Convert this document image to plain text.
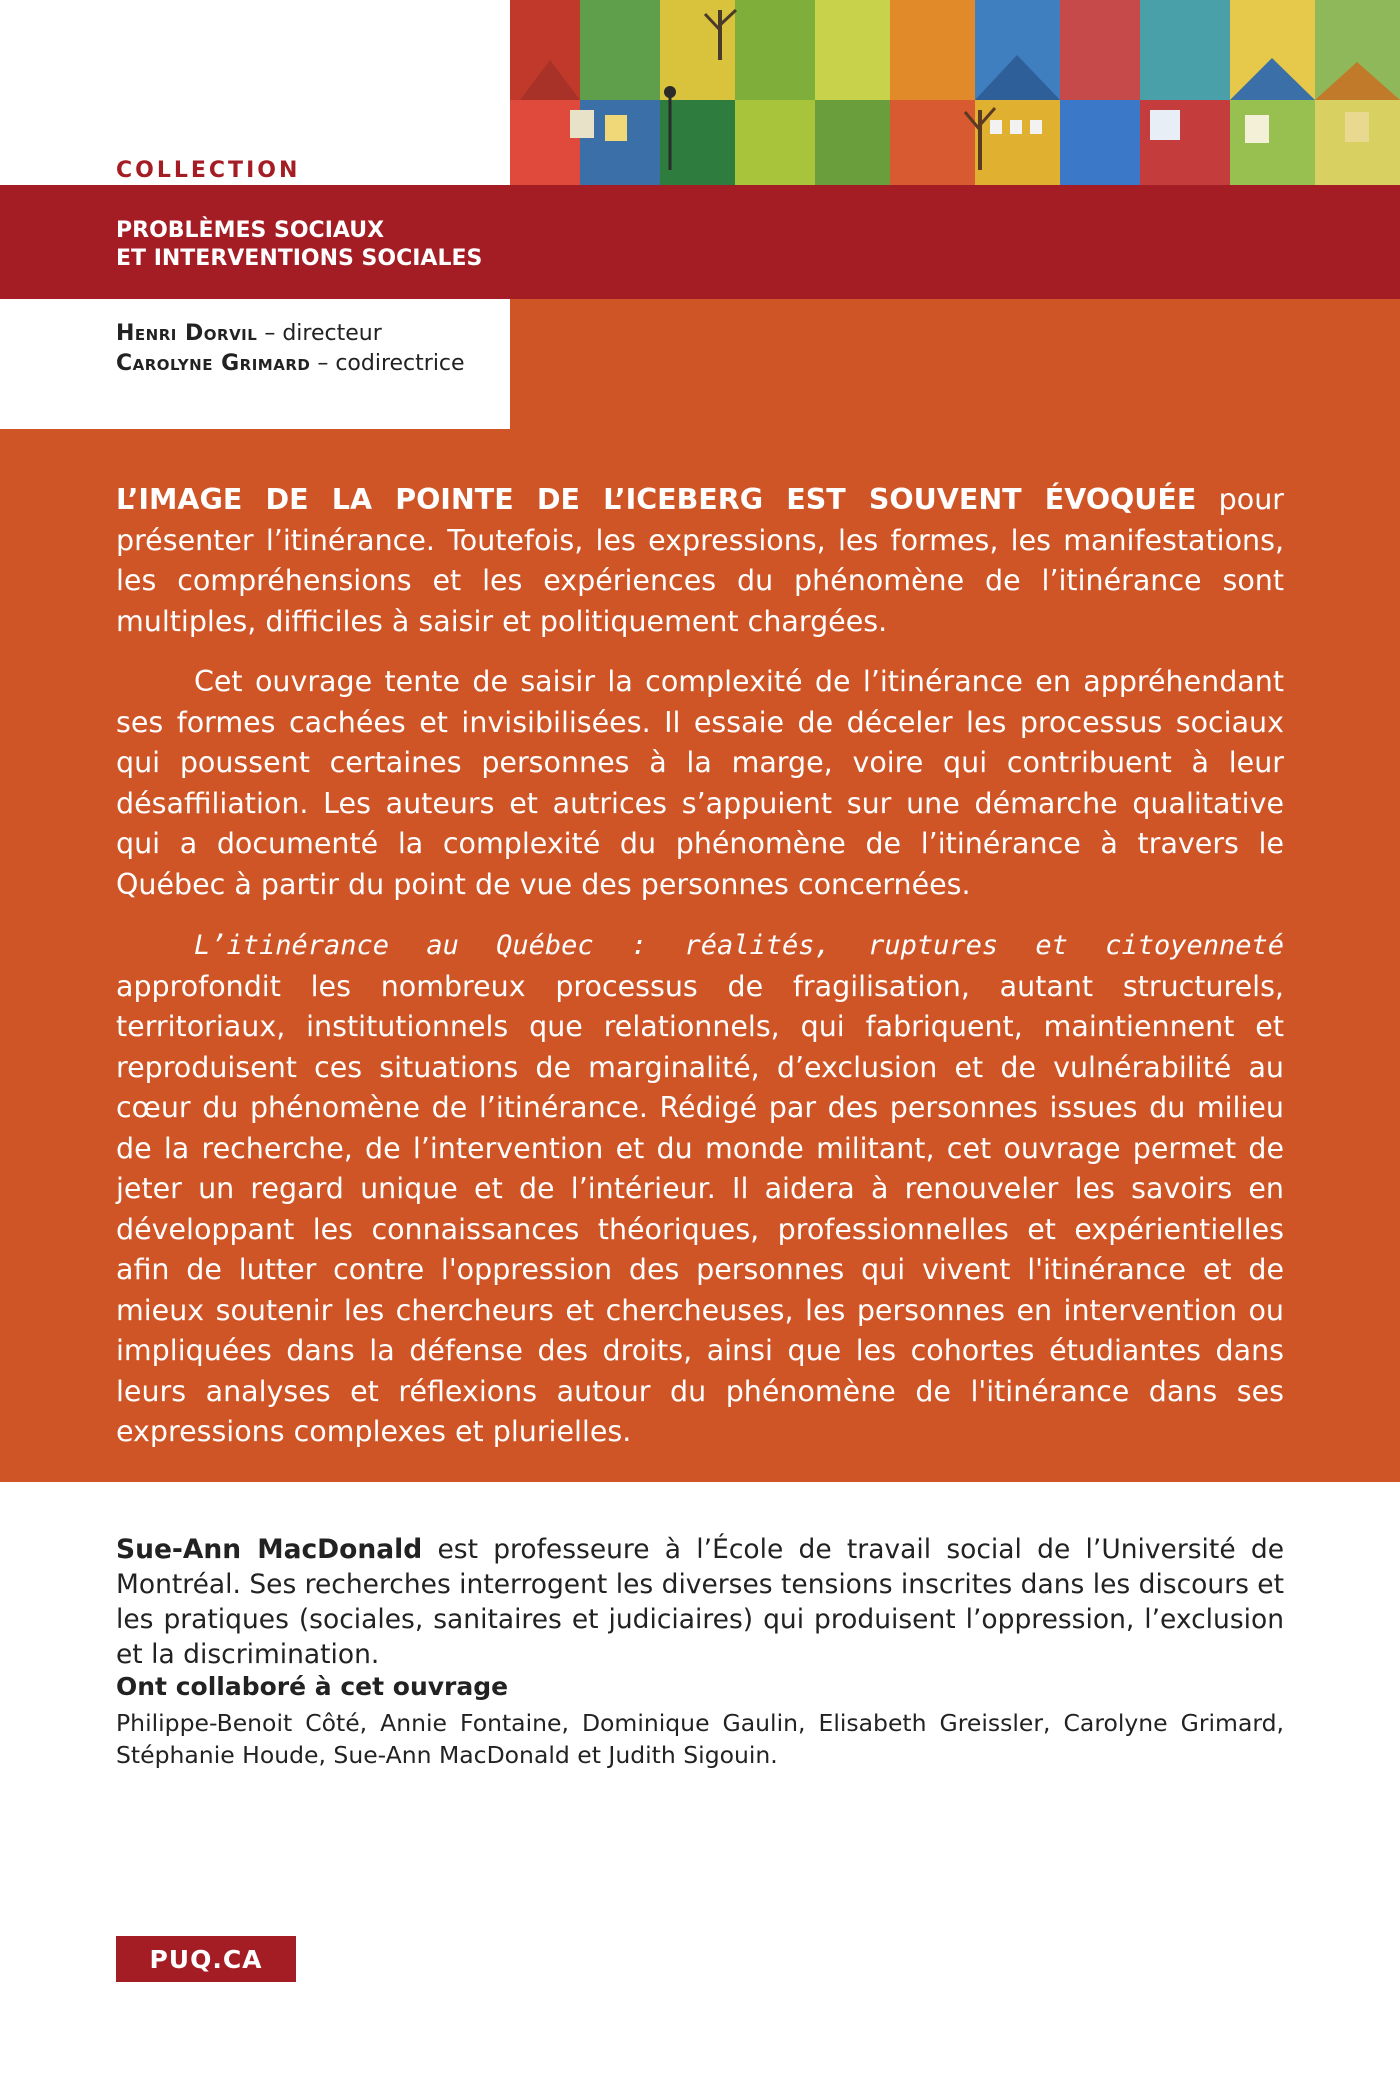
COLLECTION
PROBLÈMES SOCIAUX
ET INTERVENTIONS SOCIALES
Henri Dorvil – directeur
Carolyne Grimard – codirectrice

L’IMAGE DE LA POINTE DE L’ICEBERG EST SOUVENT ÉVOQUÉE pour présenter l’itinérance. Toutefois, les expressions, les formes, les manifestations, les compréhensions et les expériences du phénomène de l’itinérance sont multiples, difficiles à saisir et politiquement chargées.

Cet ouvrage tente de saisir la complexité de l’itinérance en appréhendant ses formes cachées et invisibilisées. Il essaie de déceler les processus sociaux qui poussent certaines personnes à la marge, voire qui contribuent à leur désaffiliation. Les auteurs et autrices s’appuient sur une démarche qualitative qui a documenté la complexité du phénomène de l’itinérance à travers le Québec à partir du point de vue des personnes concernées.

L’itinérance au Québec : réalités, ruptures et citoyenneté approfondit les nombreux processus de fragilisation, autant structurels, territoriaux, institutionnels que relationnels, qui fabriquent, maintiennent et reproduisent ces situations de marginalité, d’exclusion et de vulnérabilité au cœur du phénomène de l’itinérance. Rédigé par des personnes issues du milieu de la recherche, de l’intervention et du monde militant, cet ouvrage permet de jeter un regard unique et de l’intérieur. Il aidera à renouveler les savoirs en développant les connaissances théoriques, professionnelles et expérientielles afin de lutter contre l'oppression des personnes qui vivent l'itinérance et de mieux soutenir les chercheurs et chercheuses, les personnes en intervention ou impliquées dans la défense des droits, ainsi que les cohortes étudiantes dans leurs analyses et réflexions autour du phénomène de l'itinérance dans ses expressions complexes et plurielles.

Sue-Ann MacDonald est professeure à l’École de travail social de l’Université de Montréal. Ses recherches interrogent les diverses tensions inscrites dans les discours et les pratiques (sociales, sanitaires et judiciaires) qui produisent l’oppression, l’exclusion et la discrimination.

Ont collaboré à cet ouvrage

Philippe-Benoit Côté, Annie Fontaine, Dominique Gaulin, Elisabeth Greissler, Carolyne Grimard, Stéphanie Houde, Sue-Ann MacDonald et Judith Sigouin.

PUQ.CA
